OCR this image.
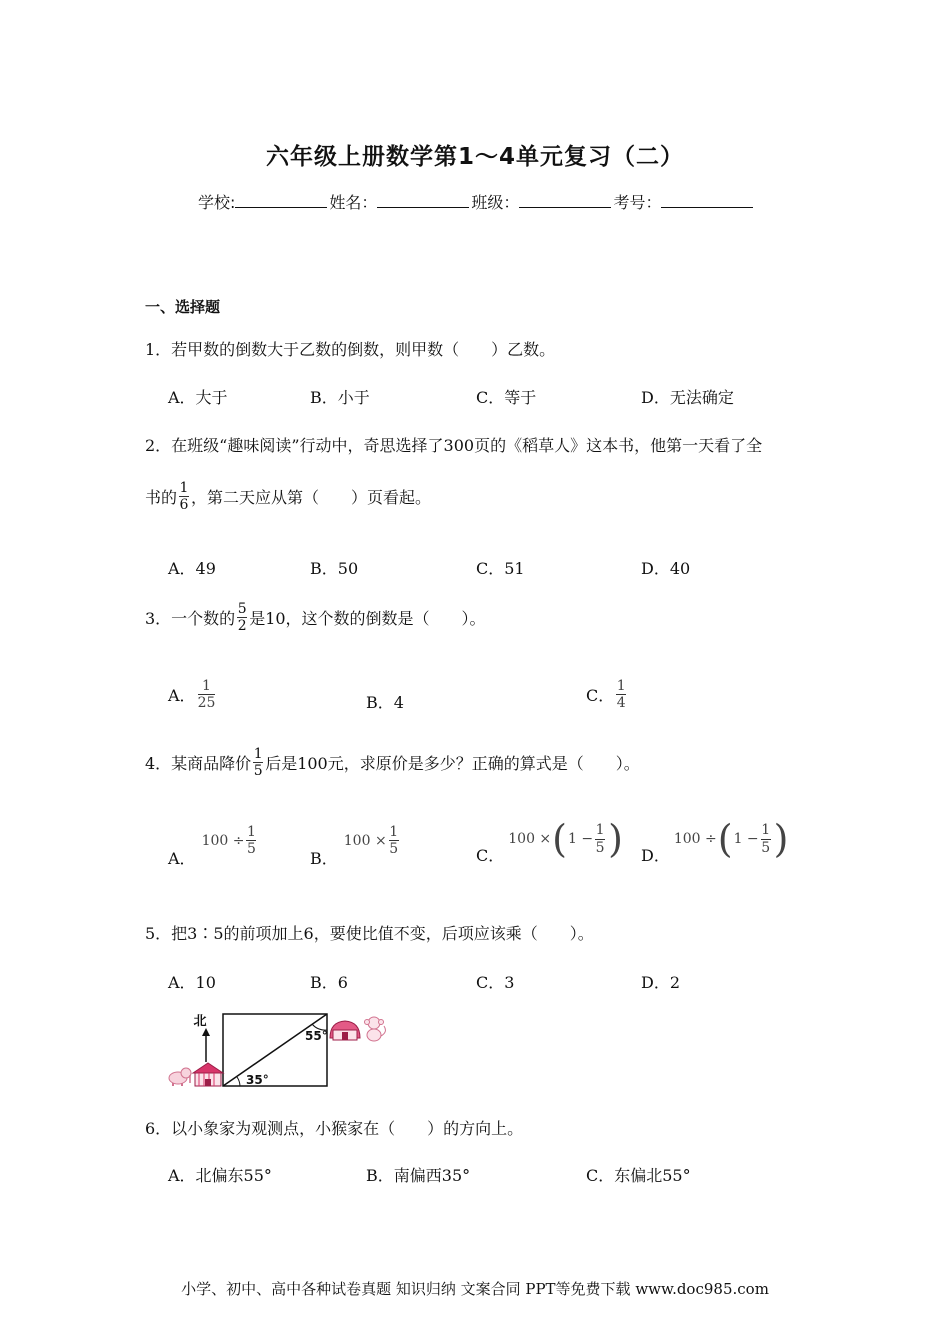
六年级上册数学第1～4单元复习（二）
学校:	姓名：	班级：	考号：
一、选择题
1．若甲数的倒数大于乙数的倒数，则甲数（　　）乙数。
A．大于	B．小于	C．等于	D．无法确定
2．在班级“趣味阅读”行动中，奇思选择了300页的《稻草人》这本书，他第一天看了全
书的 $\frac{1}{6}$ ，第二天应从第（　　）页看起。
A．49	B．50	C．51	D．40
3．一个数的 $\frac{5}{2}$ 是10，这个数的倒数是（　　）。
A． $\frac{1}{25}$	B．4	C． $\frac{1}{4}$
4．某商品降价 $\frac{1}{5}$ 后是100元，求原价是多少？正确的算式是（　　）。
A．
$100 \div \frac{1}{5}$
B．
$100 \times \frac{1}{5}$	C．
100 × ( $1 - \frac{1}{5}$ ) D．
100 ÷ ( $1 - \frac{1}{5}$ )
5．把3∶5的前项加上6，要使比值不变，后项应该乘（　　）。
A．10	B．6	C．3	D．2
北
55°
35°
6．以小象家为观测点，小猴家在（　　）的方向上。
A．北偏东55°	B．南偏西35°	C．东偏北55°
小学、初中、高中各种试卷真题 知识归纳 文案合同 PPT等免费下载 www.doc985.com
